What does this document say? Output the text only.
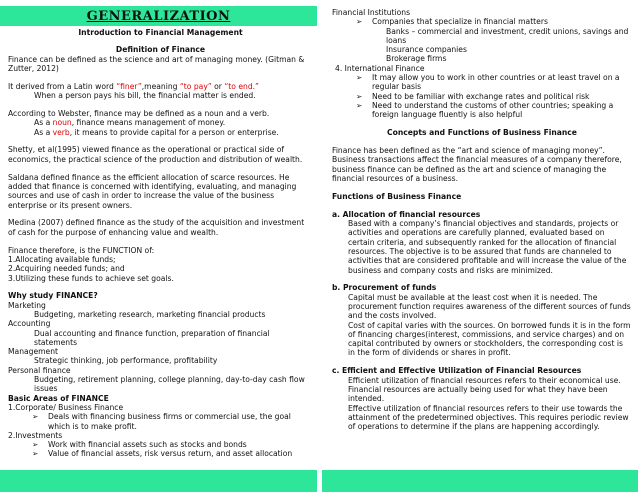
GENERALIZATION

Introduction to Financial Management

Definition of Finance

Finance can be defined as the science and art of managing money. (Gitman & Zutter, 2012)

It derived from a Latin word “finer”,meaning “to pay” or “to end.”

When a person pays his bill, the financial matter is ended.

According to Webster, finance may be defined as a noun and a verb.

As a noun, finance means management of money.

As a verb, it means to provide capital for a person or enterprise.

Shetty, et al(1995) viewed finance as the operational or practical side of economics, the practical science of the production and distribution of wealth.

Saldana defined finance as the efficient allocation of scarce resources. He added that finance is concerned with identifying, evaluating, and managing sources and use of cash in order to increase the value of the business enterprise or its present owners.

Medina (2007) defined finance as the study of the acquisition and investment of cash for the purpose of enhancing value and wealth.

Finance therefore, is the FUNCTION of:

1.Allocating available funds;

2.Acquiring needed funds; and

3.Utilizing these funds to achieve set goals.

Why study FINANCE?

Marketing

Budgeting, marketing research, marketing financial products

Accounting

Dual accounting and finance function, preparation of financial statements

Management

Strategic thinking, job performance, profitability

Personal finance

Budgeting, retirement planning, college planning, day-to-day cash flow issues

Basic Areas of FINANCE

1.Corporate/ Business Finance

➢ Deals with financing business firms or commercial use, the goal which is to make profit.

2.Investments

➢ Work with financial assets such as stocks and bonds
➢ Value of financial assets, risk versus return, and asset allocation

Financial Institutions

➢ Companies that specialize in financial matters

Banks – commercial and investment, credit unions, savings and loans

Insurance companies

Brokerage firms

4. International Finance

➢ It may allow you to work in other countries or at least travel on a regular basis
➢ Need to be familiar with exchange rates and political risk
➢ Need to understand the customs of other countries; speaking a foreign language fluently is also helpful

Concepts and Functions of Business Finance

Finance has been defined as the “art and science of managing money”. Business transactions affect the financial measures of a company therefore, business finance can be defined as the art and science of managing the financial resources of a business.

Functions of Business Finance

a. Allocation of financial resources

Based with a company’s financial objectives and standards, projects or activities and operations are carefully planned, evaluated based on certain criteria, and subsequently ranked for the allocation of financial resources. The objective is to be assured that funds are channeled to activities that are considered profitable and will increase the value of the business and company costs and risks are minimized.

b. Procurement of funds

Capital must be available at the least cost when it is needed. The procurement function requires awareness of the different sources of funds and the costs involved.

Cost of capital varies with the sources. On borrowed funds it is in the form of financing charges(interest, commissions, and service charges) and on capital contributed by owners or stockholders, the corresponding cost is in the form of dividends or shares in profit.

c. Efficient and Effective Utilization of Financial Resources

Efficient utilization of financial resources refers to their economical use. Financial resources are actually being used for what they have been intended.

Effective utilization of financial resources refers to their use towards the attainment of the predetermined objectives. This requires periodic review of operations to determine if the plans are happening accordingly.
